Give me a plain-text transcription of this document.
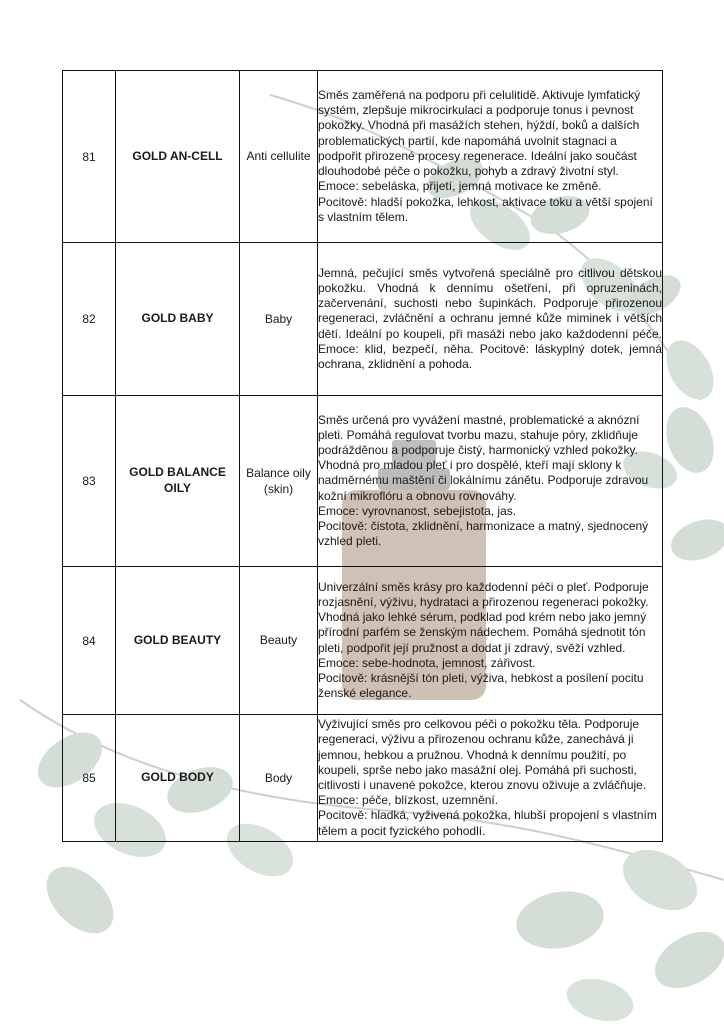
81	GOLD AN-CELL	Anti cellulite	Směs zaměřená na podporu při celulitidě. Aktivuje lymfatický systém, zlepšuje mikrocirkulaci a podporuje tonus i pevnost pokožky. Vhodná při masážích stehen, hýždí, boků a dalších problematických partií, kde napomáhá uvolnit stagnaci a podpořit přirozené procesy regenerace. Ideální jako součást dlouhodobé péče o pokožku, pohyb a zdravý životní styl.

Emoce: sebeláska, přijetí, jemná motivace ke změně.

Pocitově: hladší pokožka, lehkost, aktivace toku a větší spojení s vlastním tělem.

82	GOLD BABY	Baby	Jemná, pečující směs vytvořená speciálně pro citlivou dětskou pokožku. Vhodná k dennímu ošetření, při opruzeninách, začervenání, suchosti nebo šupinkách. Podporuje přirozenou regeneraci, zvláčnění a ochranu jemné kůže miminek i větších dětí. Ideální po koupeli, při masáži nebo jako každodenní péče. Emoce: klid, bezpečí, něha. Pocitově: láskyplný dotek, jemná ochrana, zklidnění a pohoda.

83	GOLD BALANCE OILY	Balance oily (skin)	Směs určená pro vyvážení mastné, problematické a aknózní pleti. Pomáhá regulovat tvorbu mazu, stahuje póry, zklidňuje podrážděnou a podporuje čistý, harmonický vzhled pokožky. Vhodná pro mladou pleť i pro dospělé, kteří mají sklony k nadměrnému maštění či lokálnímu zánětu. Podporuje zdravou kožní mikroflóru a obnovu rovnováhy.

Emoce: vyrovnanost, sebejistota, jas.

Pocitově: čistota, zklidnění, harmonizace a matný, sjednocený vzhled pleti.

84	GOLD BEAUTY	Beauty	Univerzální směs krásy pro každodenní péči o pleť. Podporuje rozjasnění, výživu, hydrataci a přirozenou regeneraci pokožky. Vhodná jako lehké sérum, podklad pod krém nebo jako jemný přírodní parfém se ženským nádechem. Pomáhá sjednotit tón pleti, podpořit její pružnost a dodat jí zdravý, svěží vzhled.

Emoce: sebe-hodnota, jemnost, zářivost.

Pocitově: krásnější tón pleti, výživa, hebkost a posílení pocitu ženské elegance.

85	GOLD BODY	Body	Vyživující směs pro celkovou péči o pokožku těla. Podporuje regeneraci, výživu a přirozenou ochranu kůže, zanechává ji jemnou, hebkou a pružnou. Vhodná k dennímu použití, po koupeli, sprše nebo jako masážní olej. Pomáhá při suchosti, citlivosti i unavené pokožce, kterou znovu oživuje a zvláčňuje.

Emoce: péče, blízkost, uzemnění.

Pocitově: hladká, vyživená pokožka, hlubší propojení s vlastním tělem a pocit fyzického pohodlí.
